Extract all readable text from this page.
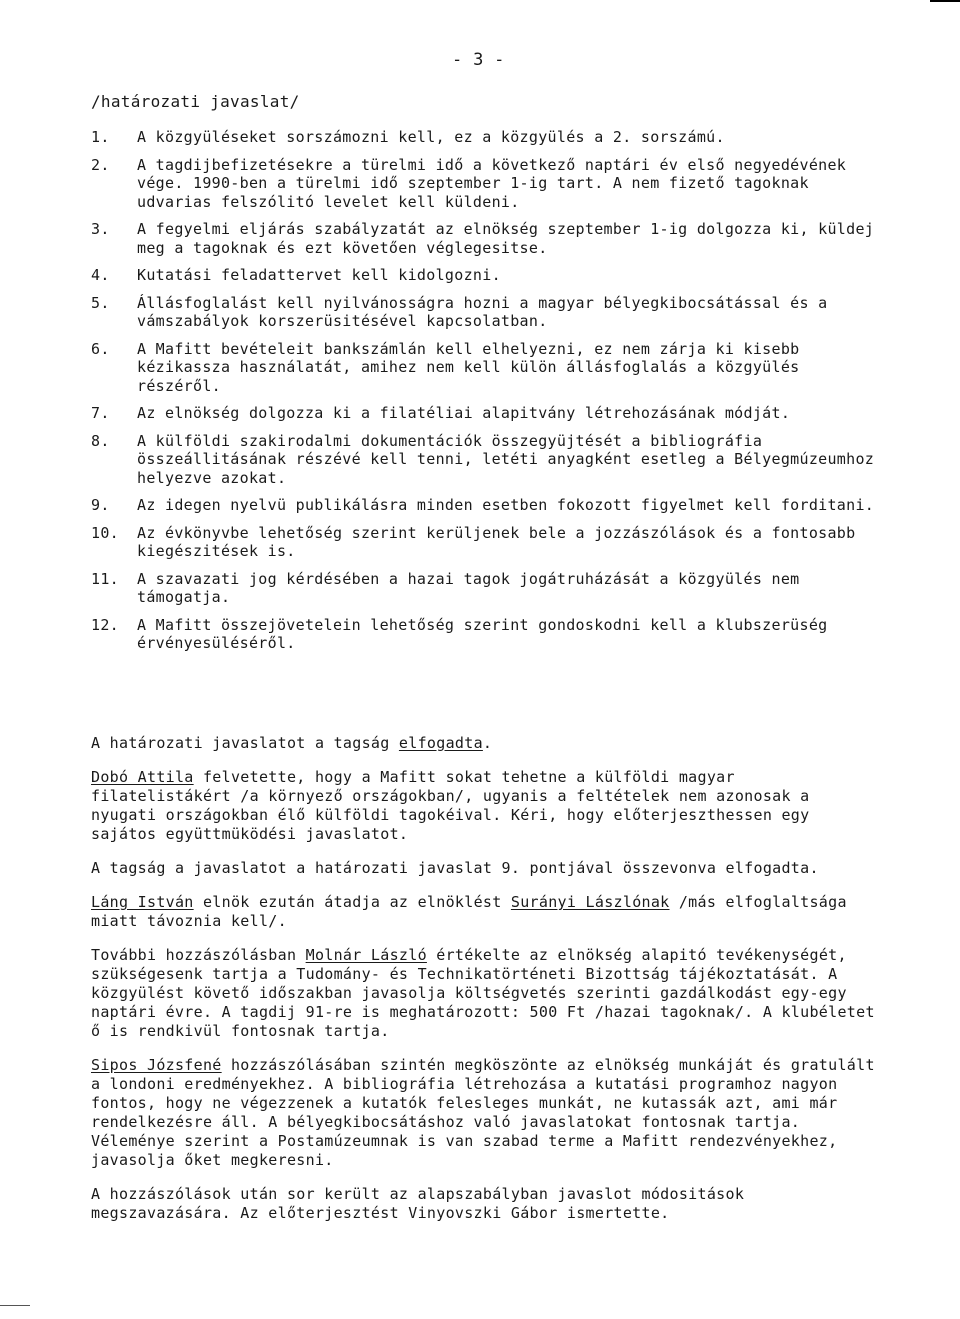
- 3 -
/határozati javaslat/
1.	A közgyüléseket sorszámozni kell, ez a közgyülés a 2. sorszámú.
2.	A tagdijbefizetésekre a türelmi idő a következő naptári év első negyedévének vége. 1990-ben a türelmi idő szeptember 1-ig tart. A nem fizető tagoknak udvarias felszólitó levelet kell küldeni.
3.	A fegyelmi eljárás szabályzatát az elnökség szeptember 1-ig dolgozza ki, küldej meg a tagoknak és ezt követően véglegesitse.
4.	Kutatási feladattervet kell kidolgozni.
5.	Állásfoglalást kell nyilvánosságra hozni a magyar bélyegkibocsátással és a vámszabályok korszerüsitésével kapcsolatban.
6.	A Mafitt bevételeit bankszámlán kell elhelyezni, ez nem zárja ki kisebb kézikassza használatát, amihez nem kell külön állásfoglalás a közgyülés részéről.
7.	Az elnökség dolgozza ki a filatéliai alapitvány létrehozásának módját.
8.	A külföldi szakirodalmi dokumentációk összegyüjtését a bibliográfia összeállitásának részévé kell tenni, letéti anyagként esetleg a Bélyegmúzeumhoz helyezve azokat.
9.	Az idegen nyelvü publikálásra minden esetben fokozott figyelmet kell forditani.
10.	Az évkönyvbe lehetőség szerint kerüljenek bele a jozzászólások és a fontosabb kiegészitések is.
11.	A szavazati jog kérdésében a hazai tagok jogátruházását a közgyülés nem támogatja.
12.	A Mafitt összejövetelein lehetőség szerint gondoskodni kell a klubszerüség érvényesüléséről.

A határozati javaslatot a tagság elfogadta.

Dobó Attila felvetette, hogy a Mafitt sokat tehetne a külföldi magyar filatelistákért /a környező országokban/, ugyanis a feltételek nem azonosak a nyugati országokban élő külföldi tagokéival. Kéri, hogy előterjeszthessen egy sajátos együttmüködési javaslatot.

A tagság a javaslatot a határozati javaslat 9. pontjával összevonva elfogadta.

Láng István elnök ezután átadja az elnöklést Surányi Lászlónak /más elfoglaltsága miatt távoznia kell/.

További hozzászólásban Molnár László értékelte az elnökség alapitó tevékenységét, szükségesenk tartja a Tudomány- és Technikatörténeti Bizottság tájékoztatását. A közgyülést követő időszakban javasolja költségvetés szerinti gazdálkodást egy-egy naptári évre. A tagdij 91-re is meghatározott: 500 Ft /hazai tagoknak/. A klubéletet ő is rendkivül fontosnak tartja.

Sipos Józsfené hozzászólásában szintén megköszönte az elnökség munkáját és gratulált a londoni eredményekhez. A bibliográfia létrehozása a kutatási programhoz nagyon fontos, hogy ne végezzenek a kutatók felesleges munkát, ne kutassák azt, ami már rendelkezésre áll. A bélyegkibocsátáshoz való javaslatokat fontosnak tartja. Véleménye szerint a Postamúzeumnak is van szabad terme a Mafitt rendezvényekhez, javasolja őket megkeresni.

A hozzászólások után sor került az alapszabályban javaslot módositások megszavazására. Az előterjesztést Vinyovszki Gábor ismertette.
